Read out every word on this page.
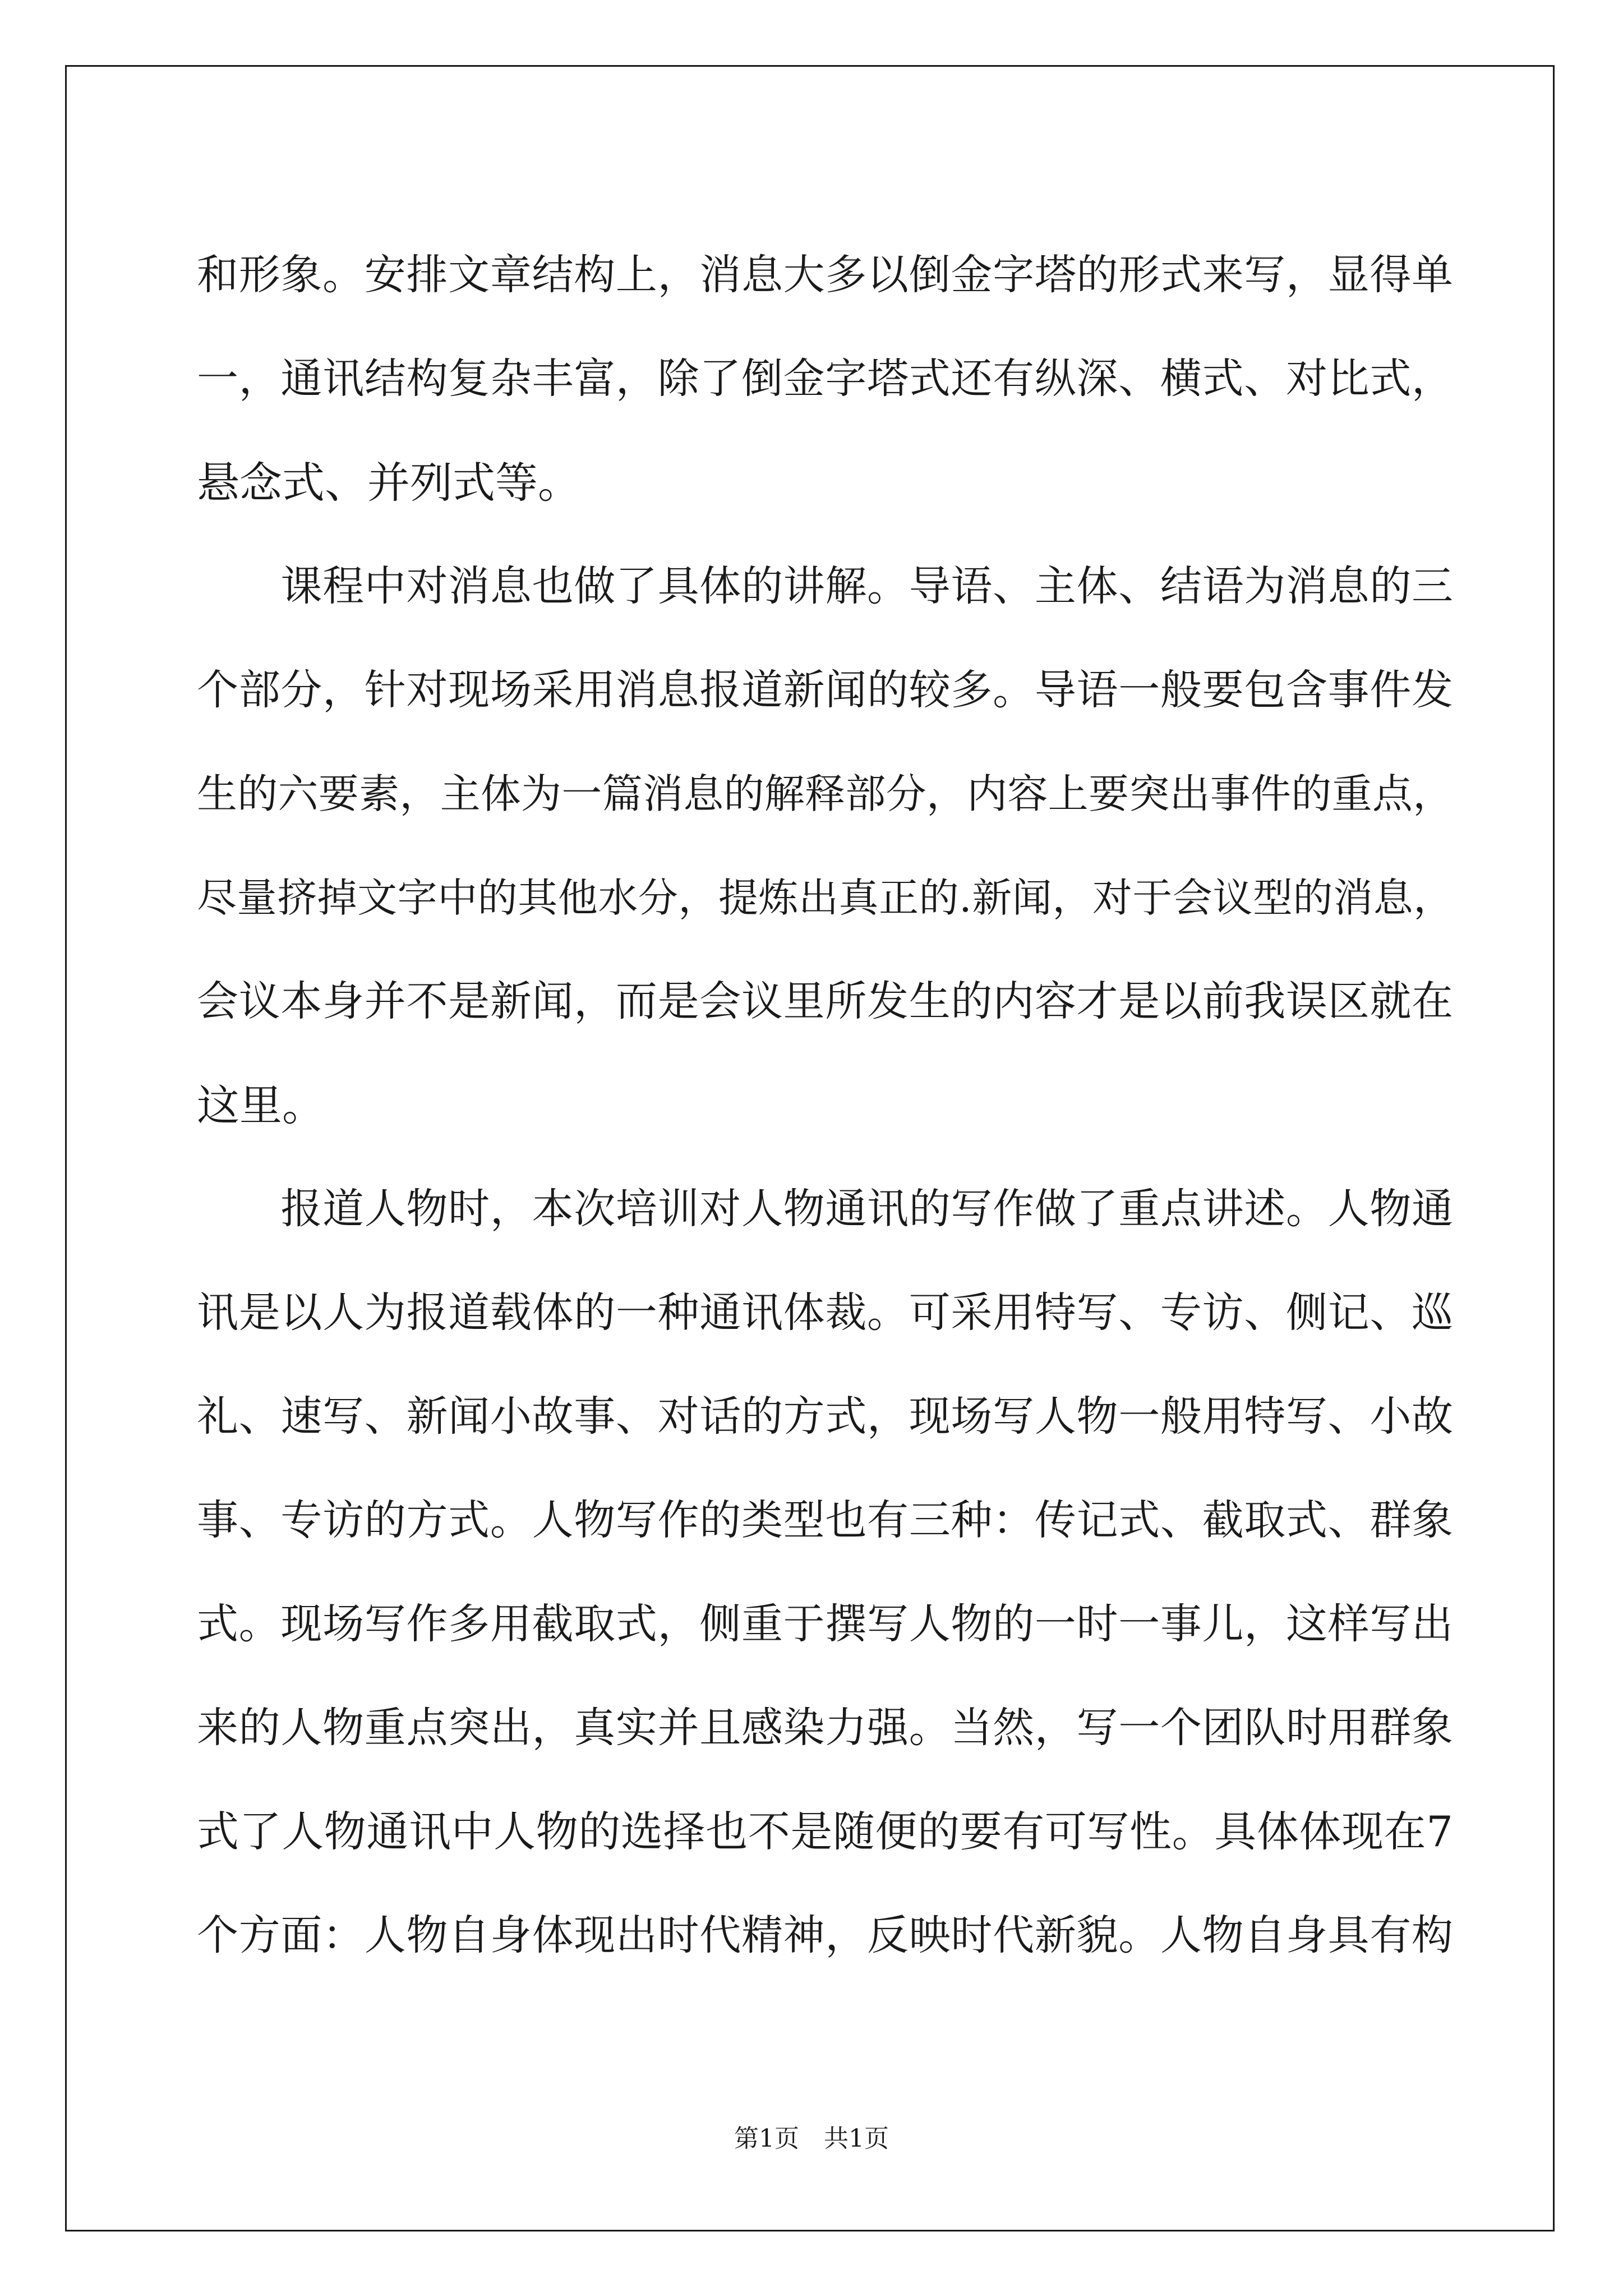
和形象。安排文章结构上，消息大多以倒金字塔的形式来写，显得单
一，通讯结构复杂丰富，除了倒金字塔式还有纵深、横式、对比式，
悬念式、并列式等。
　　课程中对消息也做了具体的讲解。导语、主体、结语为消息的三
个部分，针对现场采用消息报道新闻的较多。导语一般要包含事件发
生的六要素，主体为一篇消息的解释部分，内容上要突出事件的重点，
尽量挤掉文字中的其他水分，提炼出真正的.新闻，对于会议型的消息，
会议本身并不是新闻，而是会议里所发生的内容才是以前我误区就在
这里。
　　报道人物时，本次培训对人物通讯的写作做了重点讲述。人物通
讯是以人为报道载体的一种通讯体裁。可采用特写、专访、侧记、巡
礼、速写、新闻小故事、对话的方式，现场写人物一般用特写、小故
事、专访的方式。人物写作的类型也有三种：传记式、截取式、群象
式。现场写作多用截取式，侧重于撰写人物的一时一事儿，这样写出
来的人物重点突出，真实并且感染力强。当然，写一个团队时用群象
式了人物通讯中人物的选择也不是随便的要有可写性。具体体现在7
个方面：人物自身体现出时代精神，反映时代新貌。人物自身具有构
第1页　共1页
